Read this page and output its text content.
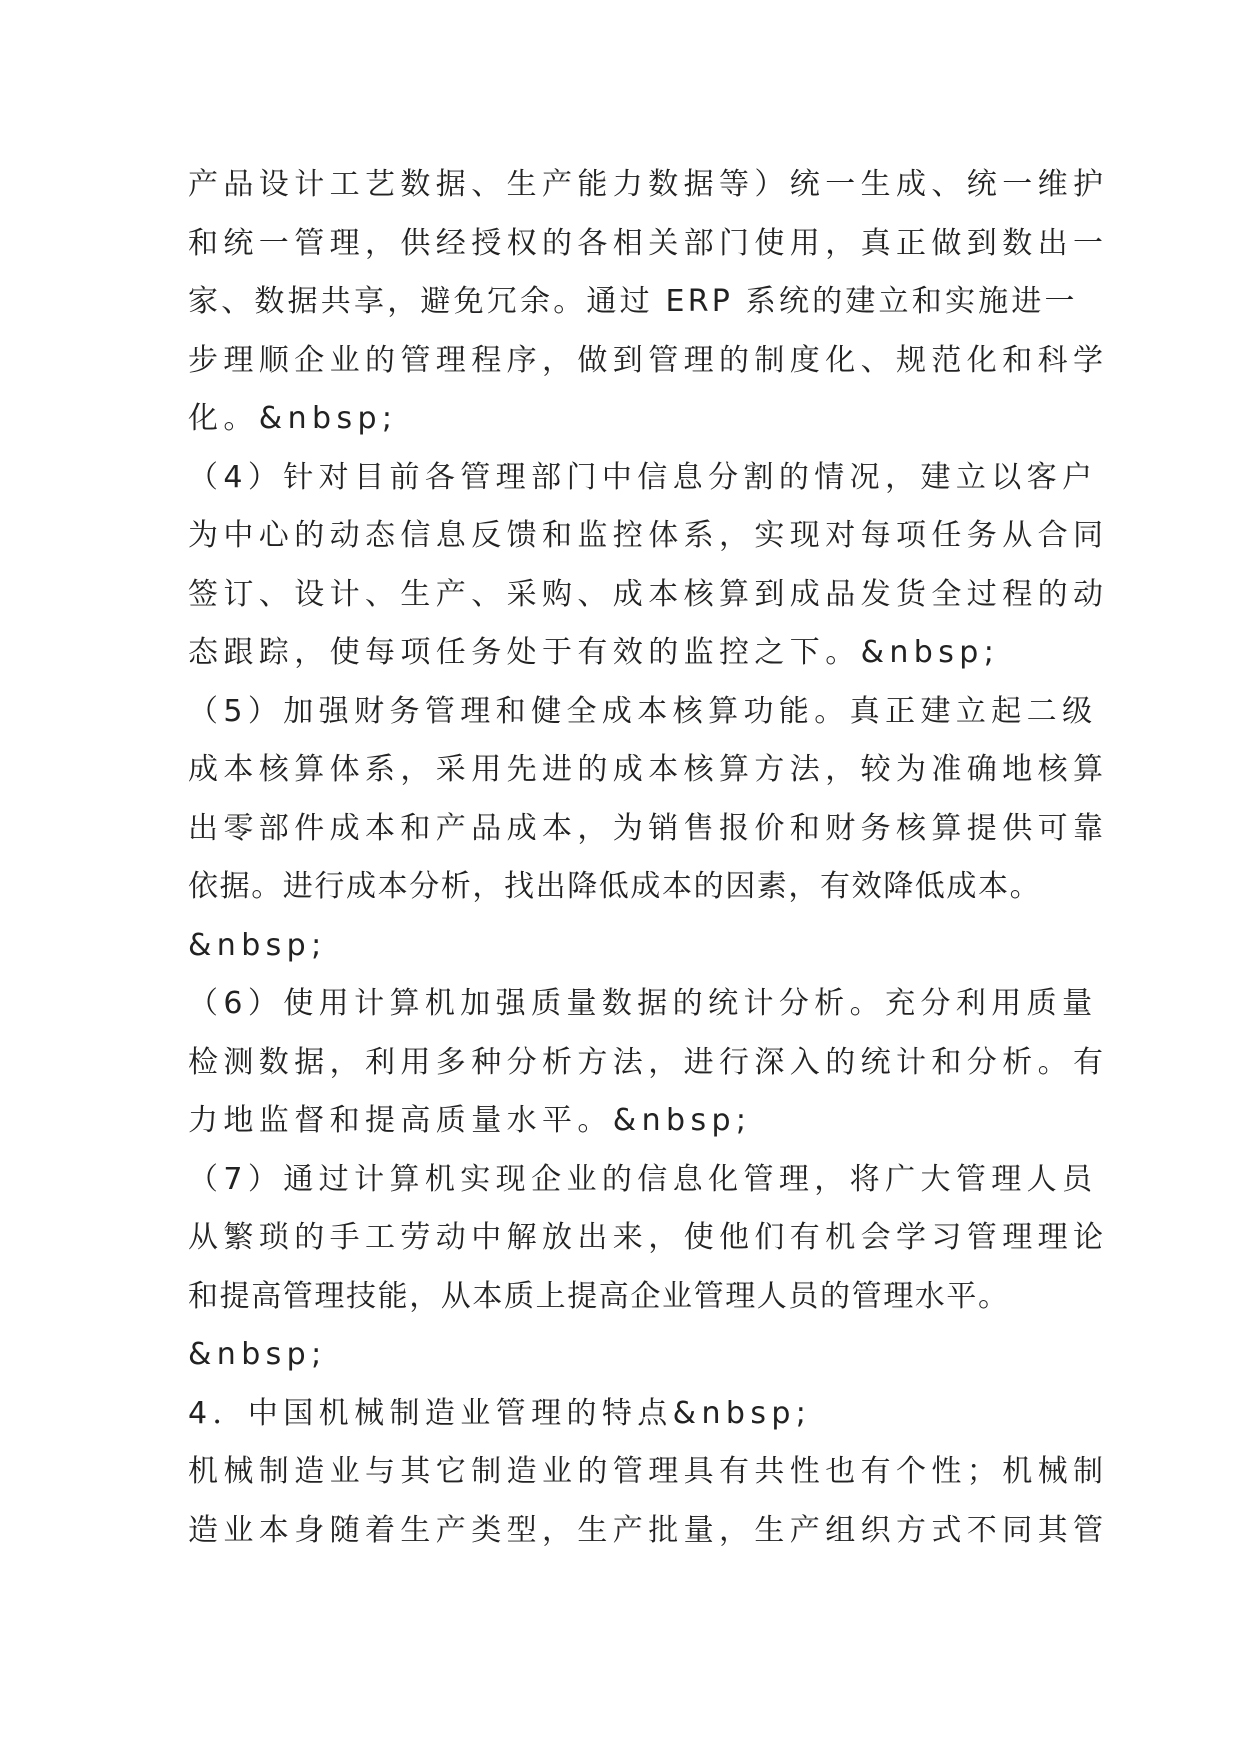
产品设计工艺数据、生产能力数据等）统一生成、统一维护
和统一管理，供经授权的各相关部门使用，真正做到数出一
家、数据共享，避免冗余。通过 ERP 系统的建立和实施进一
步理顺企业的管理程序，做到管理的制度化、规范化和科学
化。&nbsp;
（4）针对目前各管理部门中信息分割的情况，建立以客户
为中心的动态信息反馈和监控体系，实现对每项任务从合同
签订、设计、生产、采购、成本核算到成品发货全过程的动
态跟踪，使每项任务处于有效的监控之下。&nbsp;
（5）加强财务管理和健全成本核算功能。真正建立起二级
成本核算体系，采用先进的成本核算方法，较为准确地核算
出零部件成本和产品成本，为销售报价和财务核算提供可靠
依据。进行成本分析，找出降低成本的因素，有效降低成本。
&nbsp;
（6）使用计算机加强质量数据的统计分析。充分利用质量
检测数据，利用多种分析方法，进行深入的统计和分析。有
力地监督和提高质量水平。&nbsp;
（7）通过计算机实现企业的信息化管理，将广大管理人员
从繁琐的手工劳动中解放出来，使他们有机会学习管理理论
和提高管理技能，从本质上提高企业管理人员的管理水平。
&nbsp;
4．中国机械制造业管理的特点&nbsp;
机械制造业与其它制造业的管理具有共性也有个性；机械制
造业本身随着生产类型，生产批量，生产组织方式不同其管
